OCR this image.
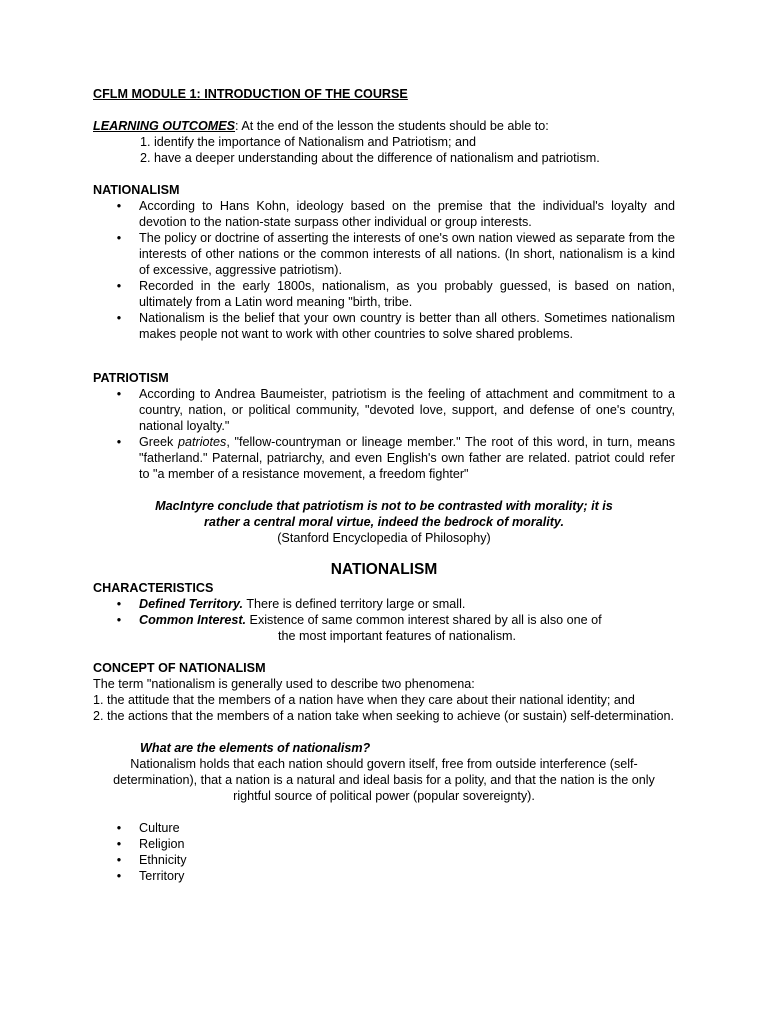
CFLM MODULE 1: INTRODUCTION OF THE COURSE
LEARNING OUTCOMES: At the end of the lesson the students should be able to:
1. identify the importance of Nationalism and Patriotism; and
2. have a deeper understanding about the difference of nationalism and patriotism.
NATIONALISM
• According to Hans Kohn, ideology based on the premise that the individual's loyalty and devotion to the nation-state surpass other individual or group interests.
• The policy or doctrine of asserting the interests of one's own nation viewed as separate from the interests of other nations or the common interests of all nations. (In short, nationalism is a kind of excessive, aggressive patriotism).
• Recorded in the early 1800s, nationalism, as you probably guessed, is based on nation, ultimately from a Latin word meaning "birth, tribe.
• Nationalism is the belief that your own country is better than all others. Sometimes nationalism makes people not want to work with other countries to solve shared problems.
PATRIOTISM
• According to Andrea Baumeister, patriotism is the feeling of attachment and commitment to a country, nation, or political community, "devoted love, support, and defense of one's country, national loyalty."
• Greek patriotes, "fellow-countryman or lineage member." The root of this word, in turn, means "fatherland." Paternal, patriarchy, and even English's own father are related. patriot could refer to "a member of a resistance movement, a freedom fighter"
MacIntyre conclude that patriotism is not to be contrasted with morality; it is
rather a central moral virtue, indeed the bedrock of morality.
(Stanford Encyclopedia of Philosophy)
NATIONALISM
CHARACTERISTICS
• Defined Territory. There is defined territory large or small.
• Common Interest. Existence of same common interest shared by all is also one of
the most important features of nationalism.
CONCEPT OF NATIONALISM
The term "nationalism is generally used to describe two phenomena:
1. the attitude that the members of a nation have when they care about their national identity; and
2. the actions that the members of a nation take when seeking to achieve (or sustain) self-determination.
What are the elements of nationalism?
Nationalism holds that each nation should govern itself, free from outside interference (self-determination), that a nation is a natural and ideal basis for a polity, and that the nation is the only rightful source of political power (popular sovereignty).
• Culture
• Religion
• Ethnicity
• Territory
